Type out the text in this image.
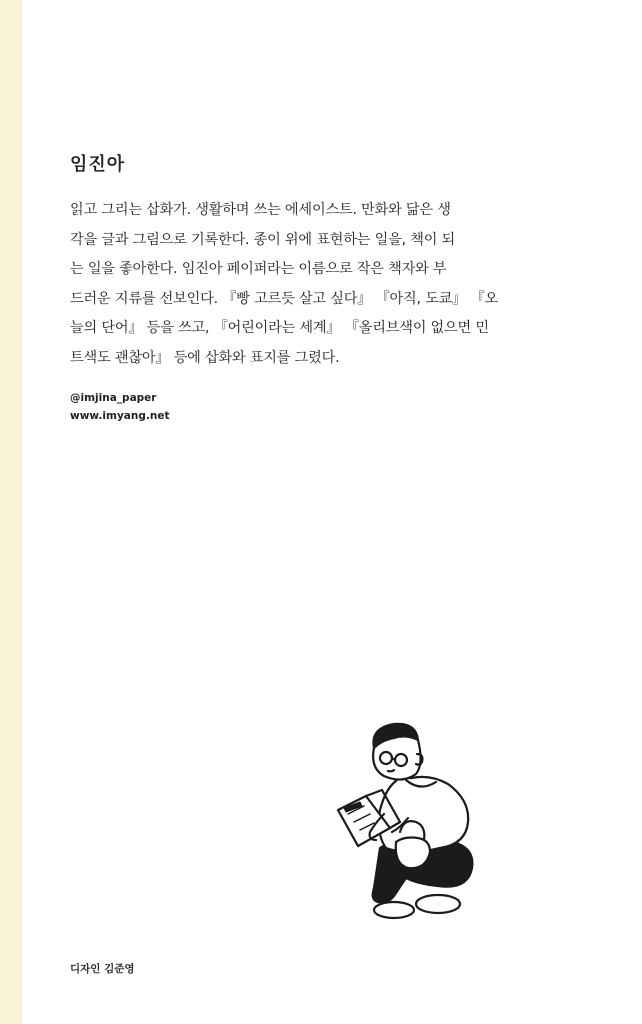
임진아
읽고 그리는 삽화가. 생활하며 쓰는 에세이스트. 만화와 닮은 생
각을 글과 그림으로 기록한다. 종이 위에 표현하는 일을, 책이 되
는 일을 좋아한다. 임진아 페이퍼라는 이름으로 작은 책자와 부
드러운 지류를 선보인다. 『빵 고르듯 살고 싶다』 『아직, 도쿄』 『오
늘의 단어』 등을 쓰고, 『어린이라는 세계』 『올리브색이 없으면 민
트색도 괜찮아』 등에 삽화와 표지를 그렸다.
@imjina_paper
www.imyang.net
디자인 김준영
